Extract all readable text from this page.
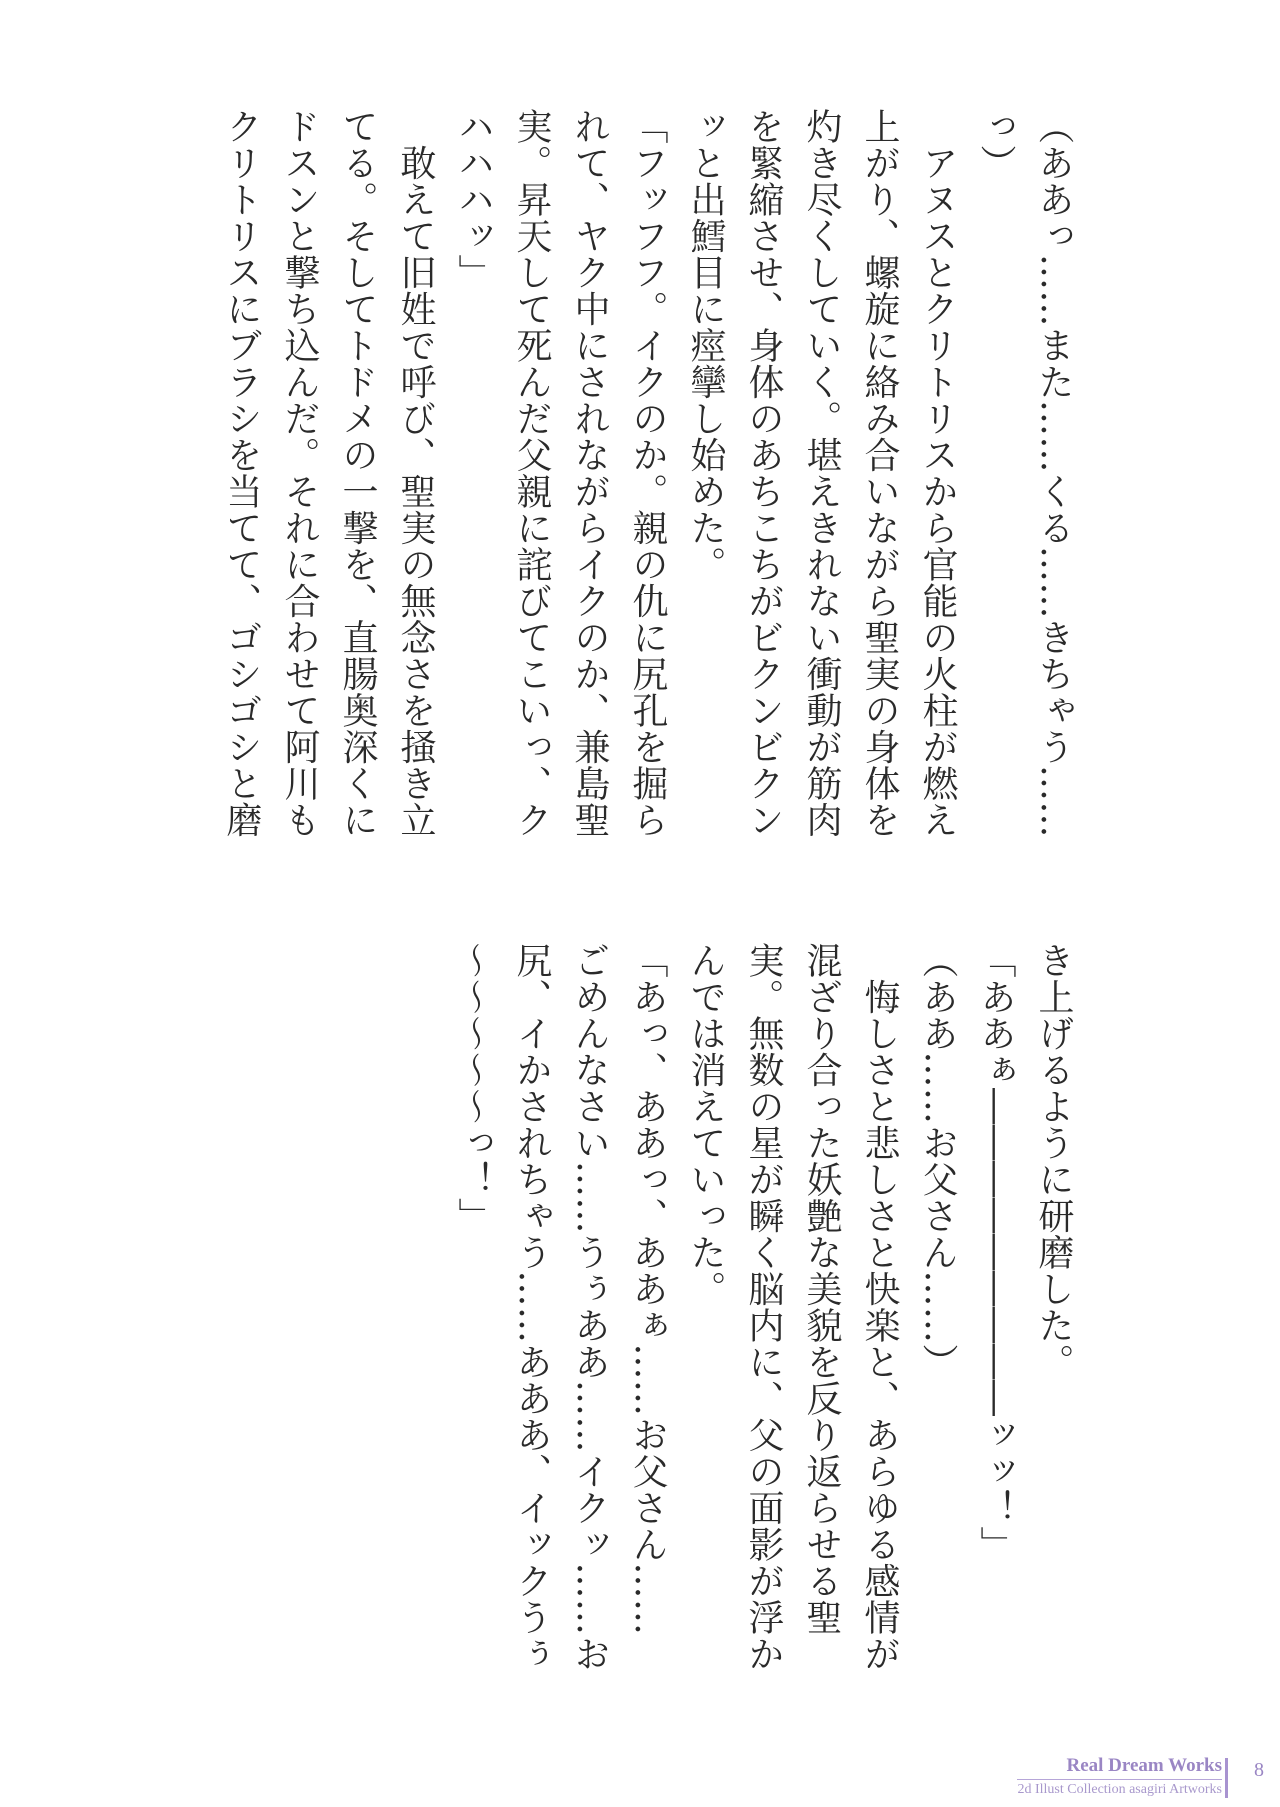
（ああっ……また……くる……きちゃう……
っ）
　アヌスとクリトリスから官能の火柱が燃え
上がり、螺旋に絡み合いながら聖実の身体を
灼き尽くしていく。堪えきれない衝動が筋肉
を緊縮させ、身体のあちこちがビクンビクン
ッと出鱈目に痙攣し始めた。
「フッフフ。イクのか。親の仇に尻孔を掘ら
れて、ヤク中にされながらイクのか、兼島聖
実。昇天して死んだ父親に詫びてこいっ、ク
ハハハッ」
　敢えて旧姓で呼び、聖実の無念さを掻き立
てる。そしてトドメの一撃を、直腸奥深くに
ドスンと撃ち込んだ。それに合わせて阿川も
クリトリスにブラシを当てて、ゴシゴシと磨
き上げるように研磨した。
「ああぁ―――――――――ッッ！」
（ああ……お父さん……）
　悔しさと悲しさと快楽と、あらゆる感情が
混ざり合った妖艶な美貌を反り返らせる聖
実。無数の星が瞬く脳内に、父の面影が浮か
んでは消えていった。
「あっ、ああっ、ああぁ……お父さん……
ごめんなさい……うぅああ……イクッ……お
尻、イかされちゃう……あああ、イックうぅ
～～～～～っ！」
Real Dream Works
2d Illust Collection asagiri Artworks
8
